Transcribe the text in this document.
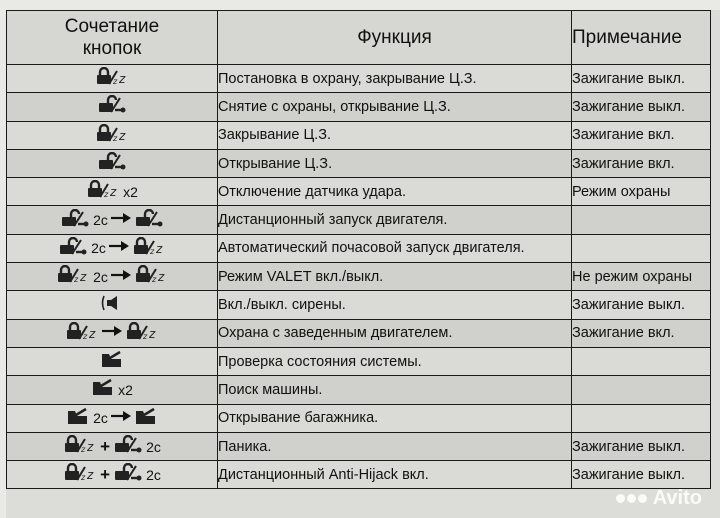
Сочетание
кнопок	Функция	Примечание

z z	Постановка в охрану, закрывание Ц.З.	Зажигание выкл.

	Снятие с охраны, открывание Ц.З.	Зажигание выкл.

z z	Закрывание Ц.З.	Зажигание вкл.

	Открывание Ц.З.	Зажигание вкл.

z z x2	Отключение датчика удара.	Режим охраны

2c	Дистанционный запуск двигателя.	

2c z z	Автоматический почасовой запуск двигателя.	

z z 2c z z	Режим VALET вкл./выкл.	Не режим охраны

	Вкл./выкл. сирены.	Зажигание выкл.

z z z z	Охрана с заведенным двигателем.	Зажигание вкл.

	Проверка состояния системы.	

x2	Поиск машины.	

2c	Открывание багажника.	

z z + 2c	Паника.	Зажигание выкл.

z z + 2c	Дистанционный Anti-Hijack вкл.	Зажигание выкл.
Avito
